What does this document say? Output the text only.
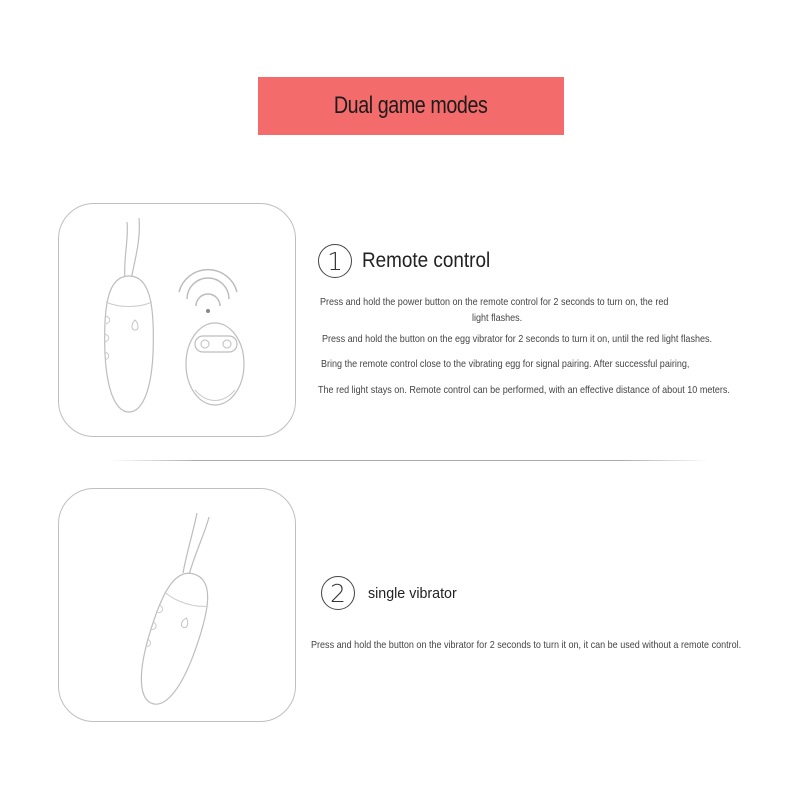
Dual game modes
1 Remote control
Press and hold the power button on the remote control for 2 seconds to turn on, the red
light flashes.
Press and hold the button on the egg vibrator for 2 seconds to turn it on, until the red light flashes.
Bring the remote control close to the vibrating egg for signal pairing. After successful pairing,
The red light stays on. Remote control can be performed, with an effective distance of about 10 meters.
2	single vibrator
Press and hold the button on the vibrator for 2 seconds to turn it on, it can be used without a remote control.
